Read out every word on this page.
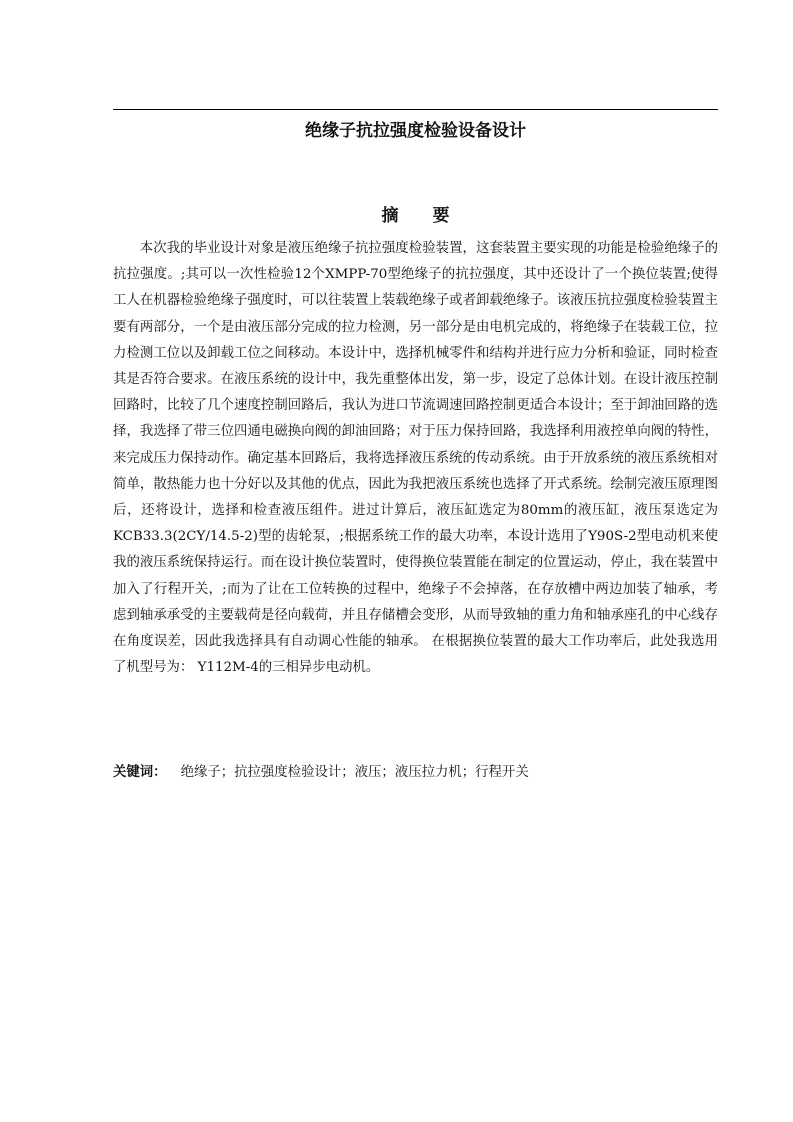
绝缘子抗拉强度检验设备设计
摘 要

本次我的毕业设计对象是液压绝缘子抗拉强度检验装置，这套装置主要实现的功能是检验绝缘子的抗拉强度。;其可以一次性检验12个XMPP-70型绝缘子的抗拉强度，其中还设计了一个换位装置;使得工人在机器检验绝缘子强度时，可以往装置上装载绝缘子或者卸载绝缘子。该液压抗拉强度检验装置主要有两部分，一个是由液压部分完成的拉力检测，另一部分是由电机完成的，将绝缘子在装载工位，拉力检测工位以及卸载工位之间移动。本设计中，选择机械零件和结构并进行应力分析和验证，同时检查其是否符合要求。在液压系统的设计中，我先重整体出发，第一步，设定了总体计划。在设计液压控制回路时，比较了几个速度控制回路后，我认为进口节流调速回路控制更适合本设计；至于卸油回路的选择，我选择了带三位四通电磁换向阀的卸油回路；对于压力保持回路，我选择利用液控单向阀的特性，来完成压力保持动作。确定基本回路后，我将选择液压系统的传动系统。由于开放系统的液压系统相对简单，散热能力也十分好以及其他的优点，因此为我把液压系统也选择了开式系统。绘制完液压原理图后，还将设计，选择和检查液压组件。进过计算后，液压缸选定为80mm的液压缸，液压泵选定为KCB33.3(2CY/14.5-2)型的齿轮泵，;根据系统工作的最大功率，本设计选用了Y90S-2型电动机来使我的液压系统保持运行。而在设计换位装置时，使得换位装置能在制定的位置运动，停止，我在装置中加入了行程开关，;而为了让在工位转换的过程中，绝缘子不会掉落，在存放槽中两边加装了轴承，考虑到轴承承受的主要载荷是径向载荷，并且存储槽会变形，从而导致轴的重力角和轴承座孔的中心线存在角度误差，因此我选择具有自动调心性能的轴承。 在根据换位装置的最大工作功率后，此处我选用了机型号为： Y112M-4的三相异步电动机。

关键词： 绝缘子；抗拉强度检验设计；液压；液压拉力机；行程开关
